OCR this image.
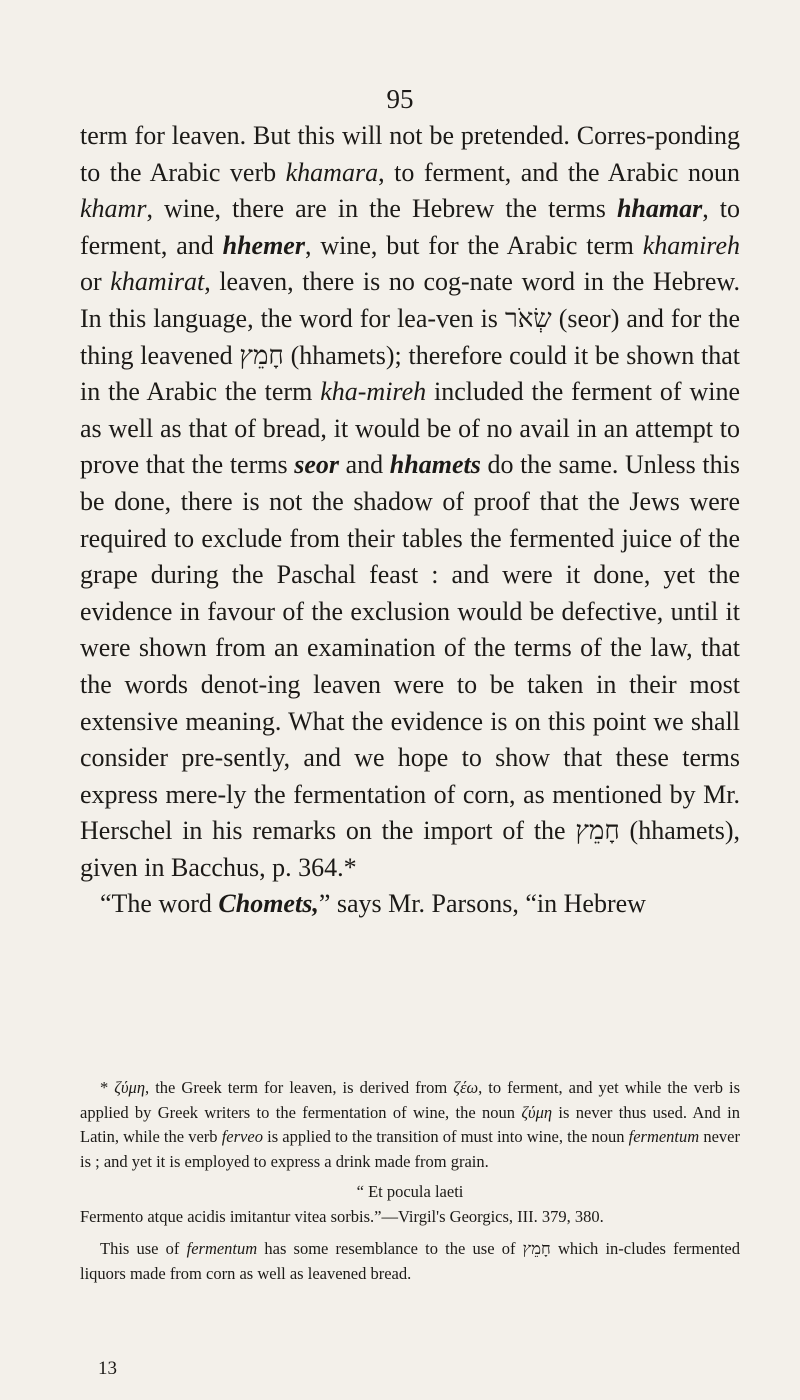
95

term for leaven. But this will not be pretended. Corres-ponding to the Arabic verb khamara, to ferment, and the Arabic noun khamr, wine, there are in the Hebrew the terms hhamar, to ferment, and hhemer, wine, but for the Arabic term khamireh or khamirat, leaven, there is no cog-nate word in the Hebrew. In this language, the word for lea-ven is שְׂאֹר (seor) and for the thing leavened חָמֵץ (hhamets); therefore could it be shown that in the Arabic the term kha-mireh included the ferment of wine as well as that of bread, it would be of no avail in an attempt to prove that the terms seor and hhamets do the same. Unless this be done, there is not the shadow of proof that the Jews were required to exclude from their tables the fermented juice of the grape during the Paschal feast : and were it done, yet the evidence in favour of the exclusion would be defective, until it were shown from an examination of the terms of the law, that the words denot-ing leaven were to be taken in their most extensive meaning. What the evidence is on this point we shall consider pre-sently, and we hope to show that these terms express mere-ly the fermentation of corn, as mentioned by Mr. Herschel in his remarks on the import of the חָמֵץ (hhamets), given in Bacchus, p. 364.*

“The word Chomets,” says Mr. Parsons, “in Hebrew

* ζύμη, the Greek term for leaven, is derived from ζέω, to ferment, and yet while the verb is applied by Greek writers to the fermentation of wine, the noun ζύμη is never thus used. And in Latin, while the verb ferveo is applied to the transition of must into wine, the noun fermentum never is ; and yet it is employed to express a drink made from grain.

“ Et pocula laeti

Fermento atque acidis imitantur vitea sorbis.”—Virgil's Georgics, III. 379, 380.

This use of fermentum has some resemblance to the use of חָמֵץ which in-cludes fermented liquors made from corn as well as leavened bread.

13
